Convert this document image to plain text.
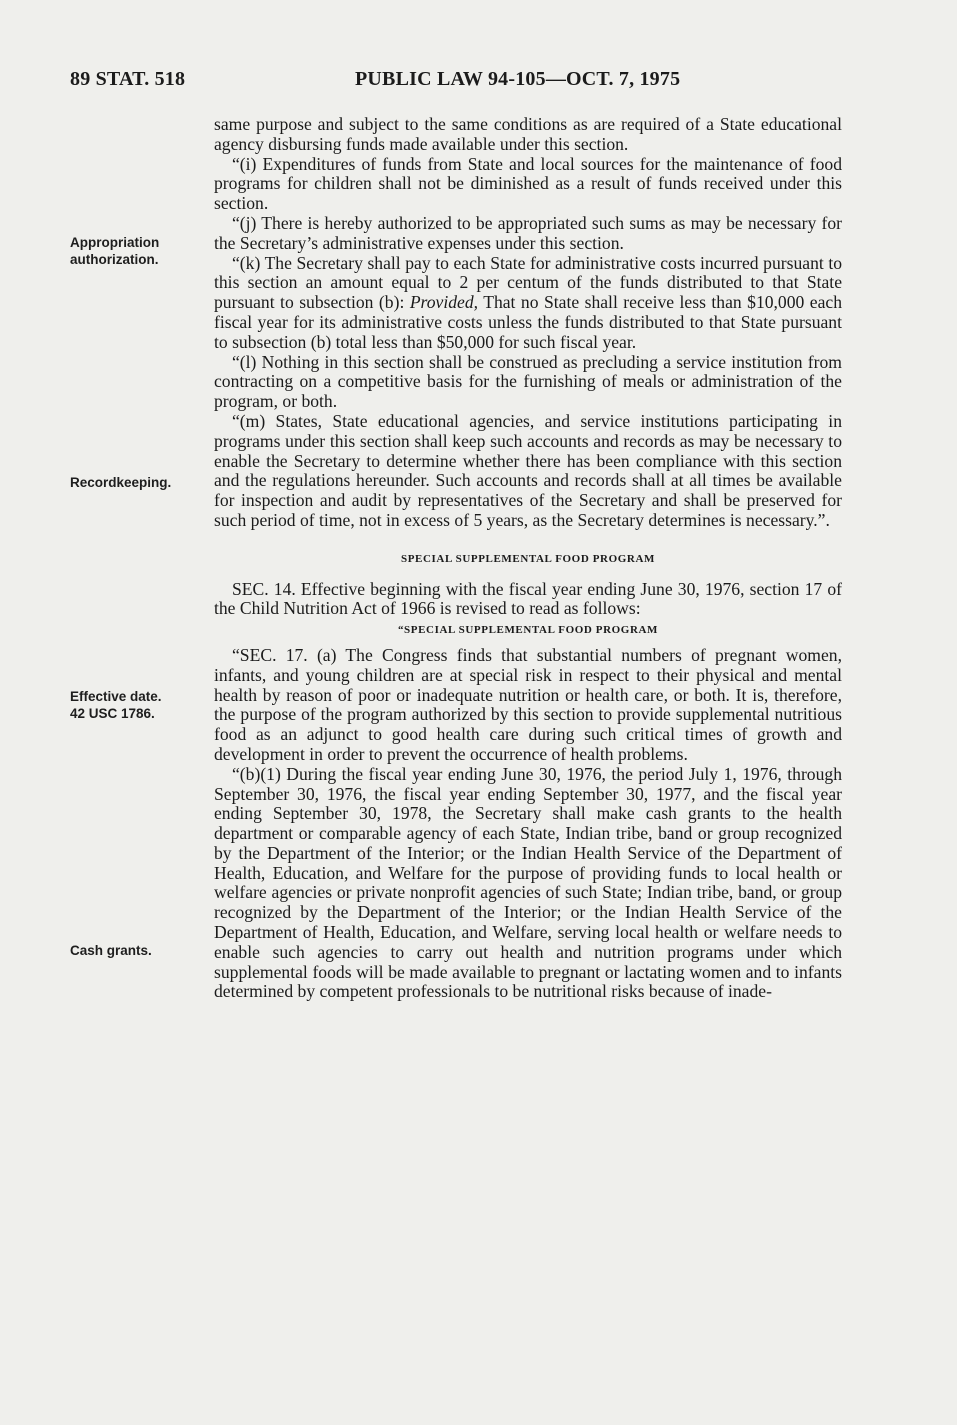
89 STAT. 518	PUBLIC LAW 94-105—OCT. 7, 1975
Appropriation
authorization.
Recordkeeping.
Effective date.
42 USC 1786.
Cash grants.

same purpose and subject to the same conditions as are required of a State educational agency disbursing funds made available under this section.

“(i) Expenditures of funds from State and local sources for the maintenance of food programs for children shall not be diminished as a result of funds received under this section.

“(j) There is hereby authorized to be appropriated such sums as may be necessary for the Secretary’s administrative expenses under this section.

“(k) The Secretary shall pay to each State for administrative costs incurred pursuant to this section an amount equal to 2 per centum of the funds distributed to that State pursuant to subsection (b): Provided, That no State shall receive less than $10,000 each fiscal year for its administrative costs unless the funds distributed to that State pursuant to subsection (b) total less than $50,000 for such fiscal year.

“(l) Nothing in this section shall be construed as precluding a service institution from contracting on a competitive basis for the furnishing of meals or administration of the program, or both.

“(m) States, State educational agencies, and service institutions participating in programs under this section shall keep such accounts and records as may be necessary to enable the Secretary to determine whether there has been compliance with this section and the regulations hereunder. Such accounts and records shall at all times be available for inspection and audit by representatives of the Secretary and shall be preserved for such period of time, not in excess of 5 years, as the Secretary determines is necessary.”.

SPECIAL SUPPLEMENTAL FOOD PROGRAM

SEC. 14. Effective beginning with the fiscal year ending June 30, 1976, section 17 of the Child Nutrition Act of 1966 is revised to read as follows:

“SPECIAL SUPPLEMENTAL FOOD PROGRAM

“SEC. 17. (a) The Congress finds that substantial numbers of pregnant women, infants, and young children are at special risk in respect to their physical and mental health by reason of poor or inadequate nutrition or health care, or both. It is, therefore, the purpose of the program authorized by this section to provide supplemental nutritious food as an adjunct to good health care during such critical times of growth and development in order to prevent the occurrence of health problems.

“(b)(1) During the fiscal year ending June 30, 1976, the period July 1, 1976, through September 30, 1976, the fiscal year ending September 30, 1977, and the fiscal year ending September 30, 1978, the Secretary shall make cash grants to the health department or comparable agency of each State, Indian tribe, band or group recognized by the Department of the Interior; or the Indian Health Service of the Department of Health, Education, and Welfare for the purpose of providing funds to local health or welfare agencies or private nonprofit agencies of such State; Indian tribe, band, or group recognized by the Department of the Interior; or the Indian Health Service of the Department of Health, Education, and Welfare, serving local health or welfare needs to enable such agencies to carry out health and nutrition programs under which supplemental foods will be made available to pregnant or lactating women and to infants determined by competent professionals to be nutritional risks because of inade-
